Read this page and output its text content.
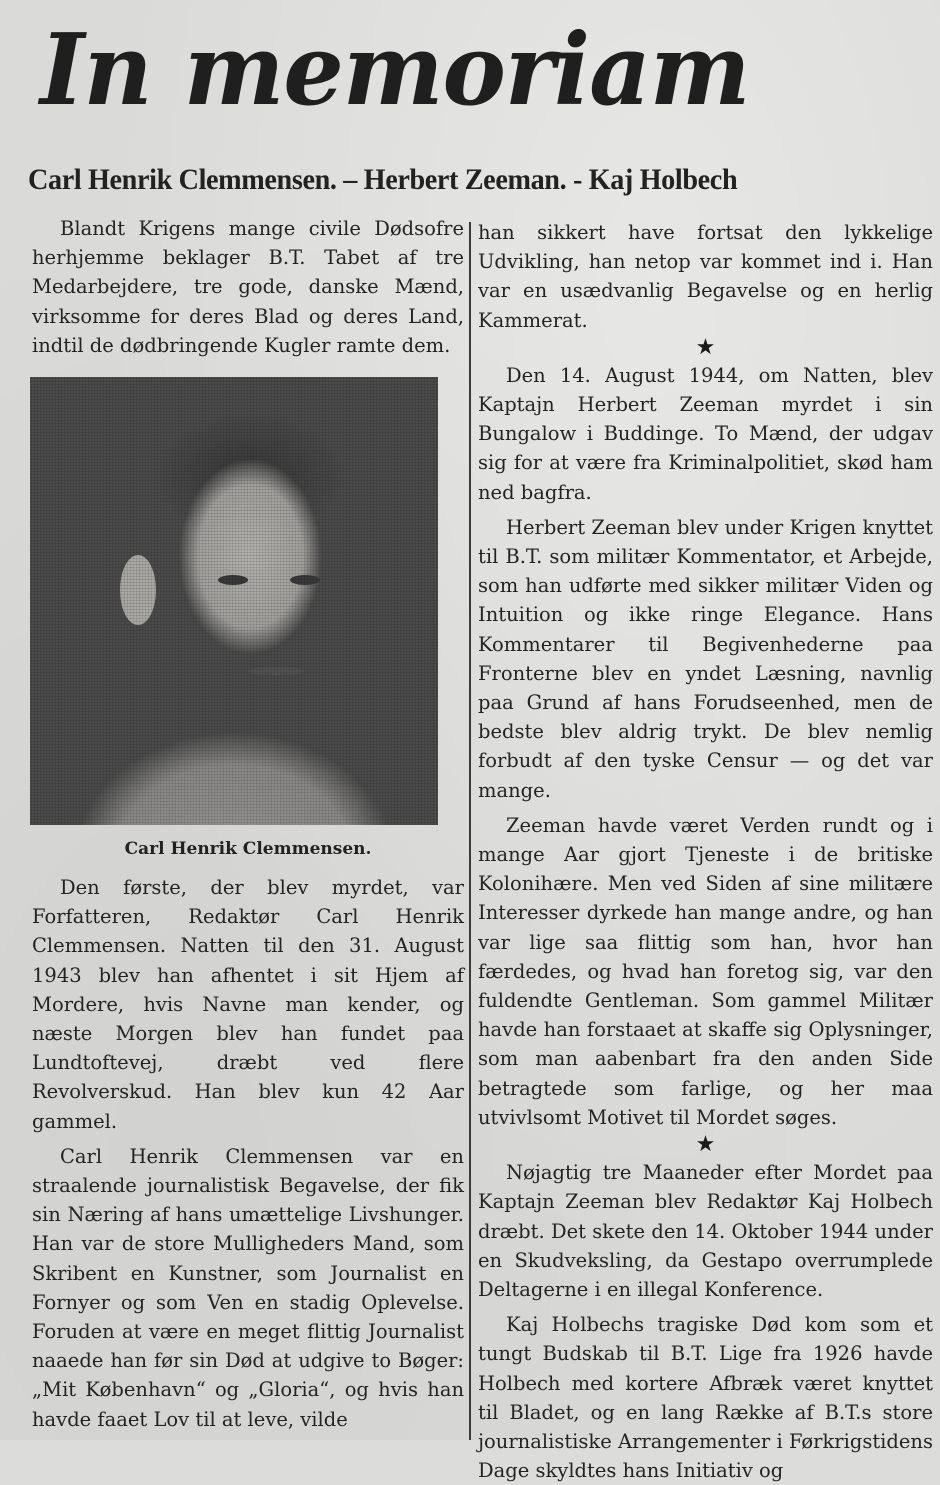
In memoriam
Carl Henrik Clemmensen. – Herbert Zeeman. - Kaj Holbech

Blandt Krigens mange civile Dødsofre herhjemme beklager B.T. Tabet af tre Medarbejdere, tre gode, danske Mænd, virksomme for deres Blad og deres Land, indtil de dødbringende Kugler ramte dem.

Carl Henrik Clemmensen.

Den første, der blev myrdet, var Forfatteren, Redaktør Carl Henrik Clemmensen. Natten til den 31. August 1943 blev han afhentet i sit Hjem af Mordere, hvis Navne man kender, og næste Morgen blev han fundet paa Lundtoftevej, dræbt ved flere Revolverskud. Han blev kun 42 Aar gammel.

Carl Henrik Clemmensen var en straalende journalistisk Begavelse, der fik sin Næring af hans umættelige Livshunger. Han var de store Mulligheders Mand, som Skribent en Kunstner, som Journalist en Fornyer og som Ven en stadig Oplevelse. Foruden at være en meget flittig Journalist naaede han før sin Død at udgive to Bøger: „Mit København“ og „Gloria“, og hvis han havde faaet Lov til at leve, vilde

han sikkert have fortsat den lykkelige Udvikling, han netop var kommet ind i. Han var en usædvanlig Begavelse og en herlig Kammerat.

★

Den 14. August 1944, om Natten, blev Kaptajn Herbert Zeeman myrdet i sin Bungalow i Buddinge. To Mænd, der udgav sig for at være fra Kriminalpolitiet, skød ham ned bagfra.

Herbert Zeeman blev under Krigen knyttet til B.T. som militær Kommentator, et Arbejde, som han udførte med sikker militær Viden og Intuition og ikke ringe Elegance. Hans Kommentarer til Begivenhederne paa Fronterne blev en yndet Læsning, navnlig paa Grund af hans Forudseenhed, men de bedste blev aldrig trykt. De blev nemlig forbudt af den tyske Censur — og det var mange.

Zeeman havde været Verden rundt og i mange Aar gjort Tjeneste i de britiske Kolonihære. Men ved Siden af sine militære Interesser dyrkede han mange andre, og han var lige saa flittig som han, hvor han færdedes, og hvad han foretog sig, var den fuldendte Gentleman. Som gammel Militær havde han forstaaet at skaffe sig Oplysninger, som man aabenbart fra den anden Side betragtede som farlige, og her maa utvivlsomt Motivet til Mordet søges.

★

Nøjagtig tre Maaneder efter Mordet paa Kaptajn Zeeman blev Redaktør Kaj Holbech dræbt. Det skete den 14. Oktober 1944 under en Skudveksling, da Gestapo overrumplede Deltagerne i en illegal Konference.

Kaj Holbechs tragiske Død kom som et tungt Budskab til B.T. Lige fra 1926 havde Holbech med kortere Afbræk været knyttet til Bladet, og en lang Række af B.T.s store journalistiske Arrangementer i Førkrigstidens Dage skyldtes hans Initiativ og
